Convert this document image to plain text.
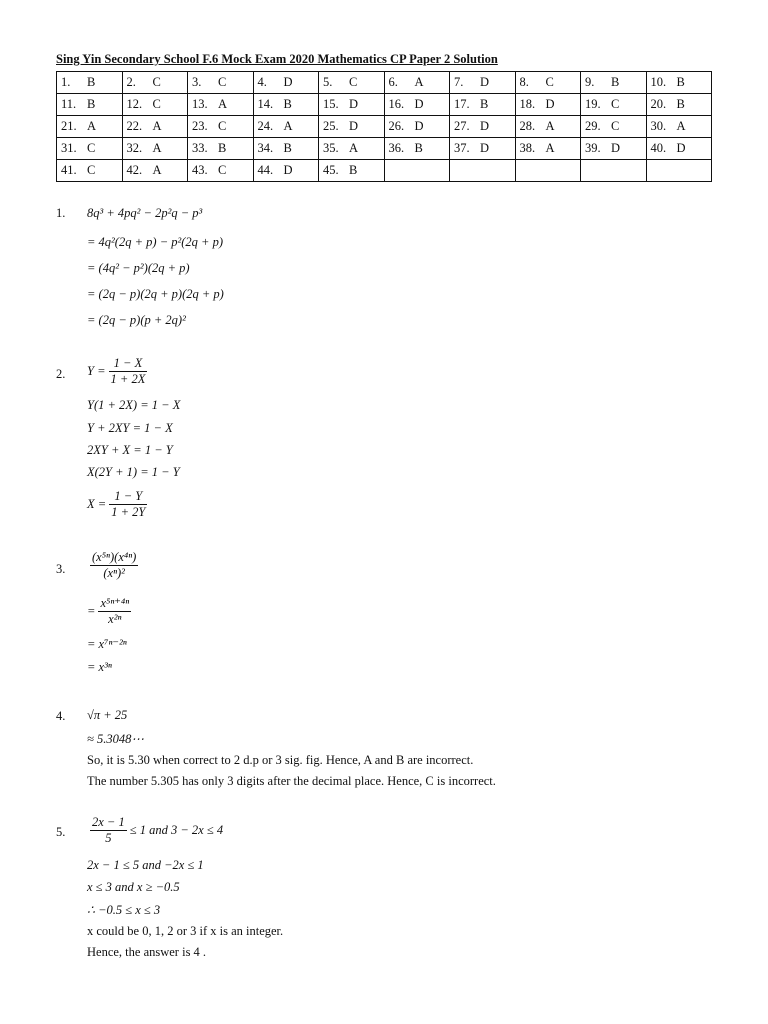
Sing Yin Secondary School F.6 Mock Exam 2020 Mathematics CP Paper 2 Solution
1. B	2. C	3. C	4. D	5. C	6. A	7. D	8. C	9. B	10. B
11. B	12. C	13. A	14. B	15. D	16. D	17. B	18. D	19. C	20. B
21. A	22. A	23. C	24. A	25. D	26. D	27. D	28. A	29. C	30. A
31. C	32. A	33. B	34. B	35. A	36. B	37. D	38. A	39. D	40. D
41. C	42. A	43. C	44. D	45. B					
1. 8q³ + 4pq² − 2p²q − p³
= 4q²(2q + p) − p²(2q + p)
= (4q² − p²)(2q + p)
= (2q − p)(2q + p)(2q + p)
= (2q − p)(p + 2q)²
2. $Y = \frac{1 - X}{1 + 2X}$
Y(1 + 2X) = 1 − X
Y + 2XY = 1 − X
2XY + X = 1 − Y
X(2Y + 1) = 1 − Y
$X = \frac{1 - Y}{1 + 2Y}$
3. $\frac{\text{(x⁵ⁿ)(x⁴ⁿ)}}{\text{(xⁿ)²}}$
= $\frac{\text{x⁵ⁿ⁺⁴ⁿ}}{\text{x²ⁿ}}$
= x⁷ⁿ⁻²ⁿ
= x³ⁿ
4. √π + 25
≈ 5.3048⋯
So, it is 5.30 when correct to 2 d.p or 3 sig. fig. Hence, A and B are incorrect.
The number 5.305 has only 3 digits after the decimal place. Hence, C is incorrect.
5. $\frac{2x - 1}{5} \le 1$ and 3 − 2x ≤ 4
2x − 1 ≤ 5 and −2x ≤ 1
x ≤ 3 and x ≥ −0.5
∴ −0.5 ≤ x ≤ 3
x could be 0, 1, 2 or 3 if x is an integer.
Hence, the answer is 4 .
